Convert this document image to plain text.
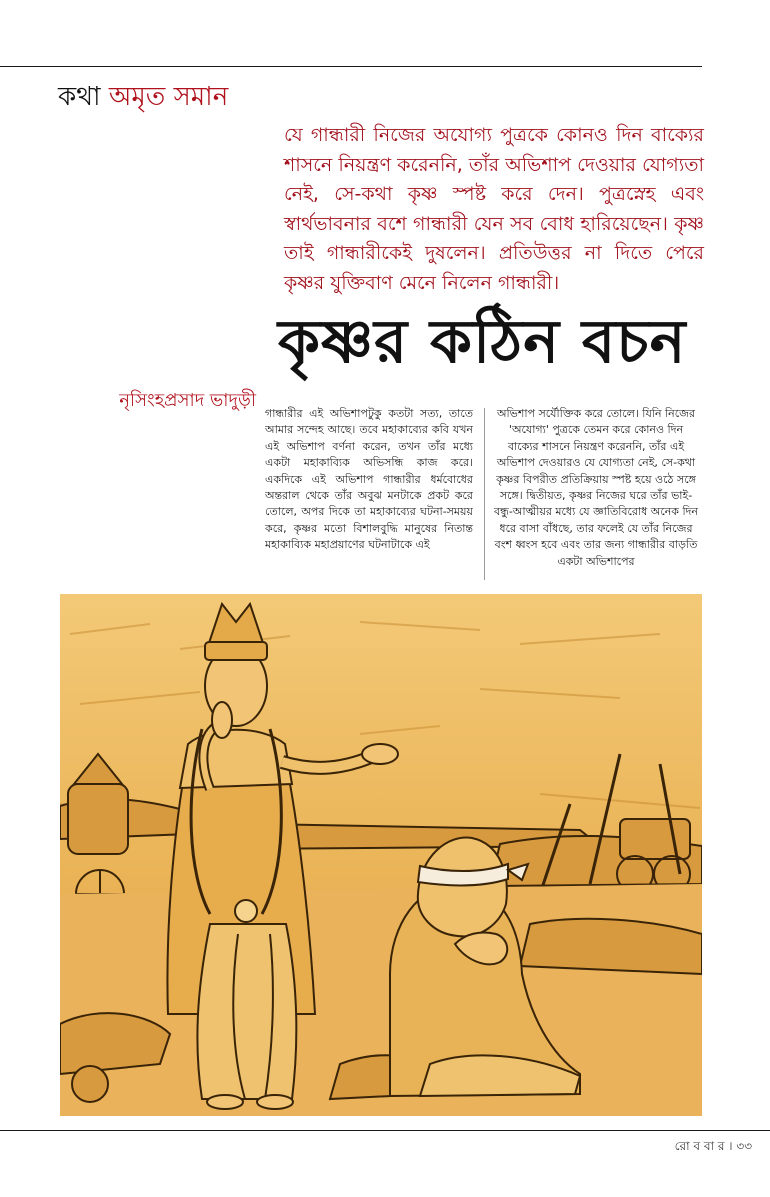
কথা অমৃত সমান

যে গান্ধারী নিজের অযোগ্য পুত্রকে কোনও দিন বাক্যের শাসনে নিয়ন্ত্রণ করেননি, তাঁর অভিশাপ দেওয়ার যোগ্যতা নেই, সে-কথা কৃষ্ণ স্পষ্ট করে দেন। পুত্রস্নেহ এবং স্বার্থভাবনার বশে গান্ধারী যেন সব বোধ হারিয়েছেন। কৃষ্ণ তাই গান্ধারীকেই দুষলেন। প্রতিউত্তর না দিতে পেরে কৃষ্ণর যুক্তিবাণ মেনে নিলেন গান্ধারী।

কৃষ্ণর কঠিন বচন
নৃসিংহপ্রসাদ ভাদুড়ী

গান্ধারীর এই অভিশাপটুকু কতটা সত্য, তাতে আমার সন্দেহ আছে। তবে মহাকাব্যের কবি যখন এই অভিশাপ বর্ণনা করেন, তখন তাঁর মধ্যে একটা মহাকাব্যিক অভিসন্ধি কাজ করে। একদিকে এই অভিশাপ গান্ধারীর ধর্মবোধের অন্তরাল থেকে তাঁর অবুঝ মনটাকে প্রকট করে তোলে, অপর দিকে তা মহাকাব্যের ঘটনা-সময়য় করে, কৃষ্ণর মতো বিশালবুদ্ধি মানুষের নিতান্ত মহাকাব্যিক মহাপ্রয়াণের ঘটনাটাকে এই

অভিশাপ সর্যৌক্তিক করে তোলে। যিনি নিজের 'অযোগ্য' পুত্রকে তেমন করে কোনও দিন বাক্যের শাসনে নিয়ন্ত্রণ করেননি, তাঁর এই অভিশাপ দেওয়ারও যে যোগ্যতা নেই, সে-কথা কৃষ্ণর বিপরীত প্রতিক্রিয়ায় স্পষ্ট হয়ে ওঠে সঙ্গে সঙ্গে। দ্বিতীয়ত, কৃষ্ণর নিজের ঘরে তাঁর ভাই-বন্ধু-আত্মীয়র মধ্যে যে জ্ঞাতিবিরোধ অনেক দিন ধরে বাসা বাঁধছে, তার ফলেই যে তাঁর নিজের বংশ ধ্বংস হবে এবং তার জন্য গান্ধারীর বাড়তি একটা অভিশাপের

রো ব বা র । ৩৩
